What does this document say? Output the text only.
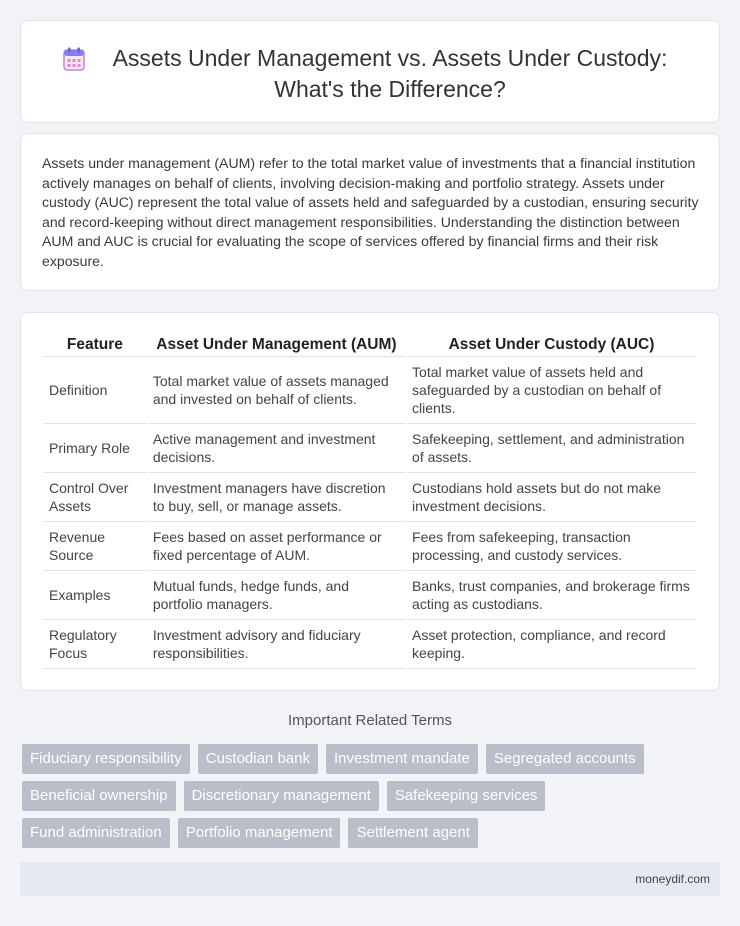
Assets Under Management vs. Assets Under Custody: What's the Difference?

Assets under management (AUM) refer to the total market value of investments that a financial institution actively manages on behalf of clients, involving decision-making and portfolio strategy. Assets under custody (AUC) represent the total value of assets held and safeguarded by a custodian, ensuring security and record-keeping without direct management responsibilities. Understanding the distinction between AUM and AUC is crucial for evaluating the scope of services offered by financial firms and their risk exposure.

Feature	Asset Under Management (AUM)	Asset Under Custody (AUC)
Definition	Total market value of assets managed and invested on behalf of clients.	Total market value of assets held and safeguarded by a custodian on behalf of clients.
Primary Role	Active management and investment decisions.	Safekeeping, settlement, and administration of assets.
Control Over Assets	Investment managers have discretion to buy, sell, or manage assets.	Custodians hold assets but do not make investment decisions.
Revenue Source	Fees based on asset performance or fixed percentage of AUM.	Fees from safekeeping, transaction processing, and custody services.
Examples	Mutual funds, hedge funds, and portfolio managers.	Banks, trust companies, and brokerage firms acting as custodians.
Regulatory Focus	Investment advisory and fiduciary responsibilities.	Asset protection, compliance, and record keeping.
Important Related Terms
Fiduciary responsibility	Custodian bank	Investment mandate	Segregated accounts
Beneficial ownership	Discretionary management	Safekeeping services
Fund administration	Portfolio management	Settlement agent
moneydif.com
